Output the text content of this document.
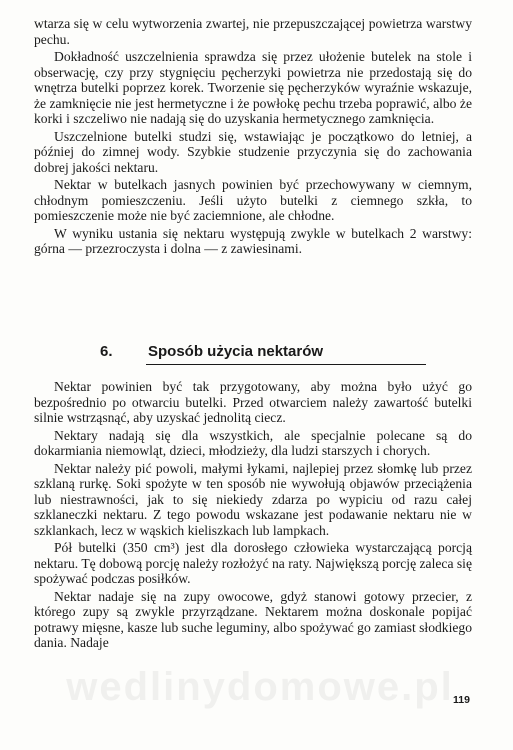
wtarza się w celu wytworzenia zwartej, nie przepuszczającej powietrza warstwy pechu.

Dokładność uszczelnienia sprawdza się przez ułożenie butelek na stole i obserwację, czy przy stygnięciu pęcherzyki powietrza nie przedostają się do wnętrza butelki poprzez korek. Tworzenie się pęcherzyków wyraźnie wskazuje, że zamknięcie nie jest hermetyczne i że powłokę pechu trzeba poprawić, albo że korki i szczeliwo nie nadają się do uzyskania hermetycznego zamknięcia.

Uszczelnione butelki studzi się, wstawiając je początkowo do letniej, a później do zimnej wody. Szybkie studzenie przyczynia się do zachowania dobrej jakości nektaru.

Nektar w butelkach jasnych powinien być przechowywany w ciemnym, chłodnym pomieszczeniu. Jeśli użyto butelki z ciemnego szkła, to pomieszczenie może nie być zaciemnione, ale chłodne.

W wyniku ustania się nektaru występują zwykle w butelkach 2 warstwy: górna — przezroczysta i dolna — z zawiesinami.

6. Sposób użycia nektarów

Nektar powinien być tak przygotowany, aby można było użyć go bezpośrednio po otwarciu butelki. Przed otwarciem należy zawartość butelki silnie wstrząsnąć, aby uzyskać jednolitą ciecz.

Nektary nadają się dla wszystkich, ale specjalnie polecane są do dokarmiania niemowląt, dzieci, młodzieży, dla ludzi starszych i chorych.

Nektar należy pić powoli, małymi łykami, najlepiej przez słomkę lub przez szklaną rurkę. Soki spożyte w ten sposób nie wywołują objawów przeciążenia lub niestrawności, jak to się niekiedy zdarza po wypiciu od razu całej szklaneczki nektaru. Z tego powodu wskazane jest podawanie nektaru nie w szklankach, lecz w wąskich kieliszkach lub lampkach.

Pół butelki (350 cm³) jest dla dorosłego człowieka wystarczającą porcją nektaru. Tę dobową porcję należy rozłożyć na raty. Największą porcję zaleca się spożywać podczas posiłków.

Nektar nadaje się na zupy owocowe, gdyż stanowi gotowy przecier, z którego zupy są zwykle przyrządzane. Nektarem można doskonale popijać potrawy mięsne, kasze lub suche leguminy, albo spożywać go zamiast słodkiego dania. Nadaje

wedlinydomowe.pl 119
